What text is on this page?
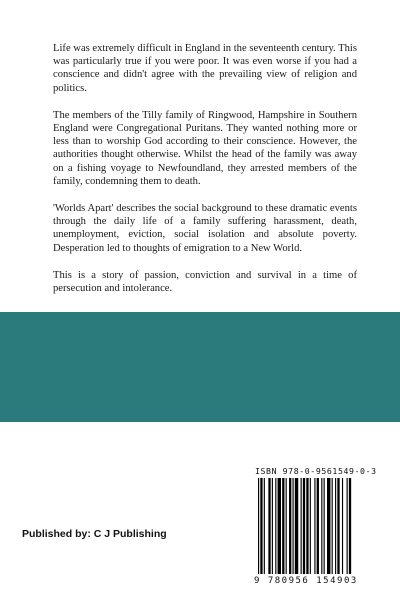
Life was extremely difficult in England in the seventeenth century. This was particularly true if you were poor. It was even worse if you had a conscience and didn't agree with the prevailing view of religion and politics.

The members of the Tilly family of Ringwood, Hampshire in Southern England were Congregational Puritans. They wanted nothing more or less than to worship God according to their conscience. However, the authorities thought otherwise. Whilst the head of the family was away on a fishing voyage to Newfoundland, they arrested members of the family, condemning them to death.

'Worlds Apart' describes the social background to these dramatic events through the daily life of a family suffering harassment, death, unemployment, eviction, social isolation and absolute poverty. Desperation led to thoughts of emigration to a New World.

This is a story of passion, conviction and survival in a time of persecution and intolerance.

ISBN 978-0-9561549-0-3
9 780956 154903
Published by: C J Publishing
